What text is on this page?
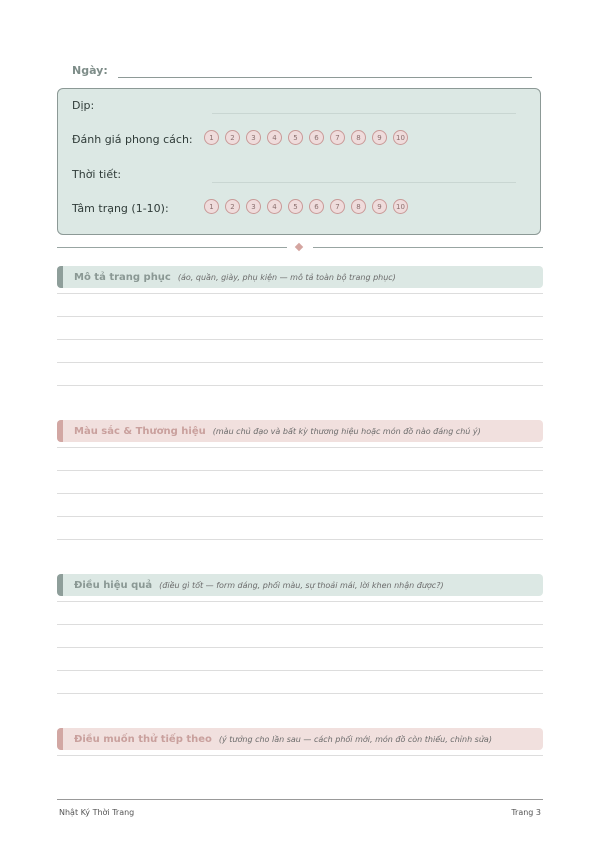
Ngày:
Dịp:
Đánh giá phong cách:	1	2	3	4	5	6	7	8	9	10
Thời tiết:
Tâm trạng (1-10):	1	2	3	4	5	6	7	8	9	10
Mô tả trang phục (áo, quần, giày, phụ kiện — mô tả toàn bộ trang phục)
Màu sắc & Thương hiệu (màu chủ đạo và bất kỳ thương hiệu hoặc món đồ nào đáng chú ý)
Điều hiệu quả (điều gì tốt — form dáng, phối màu, sự thoải mái, lời khen nhận được?)
Điều muốn thử tiếp theo (ý tưởng cho lần sau — cách phối mới, món đồ còn thiếu, chỉnh sửa)
Nhật Ký Thời Trang	Trang 3
